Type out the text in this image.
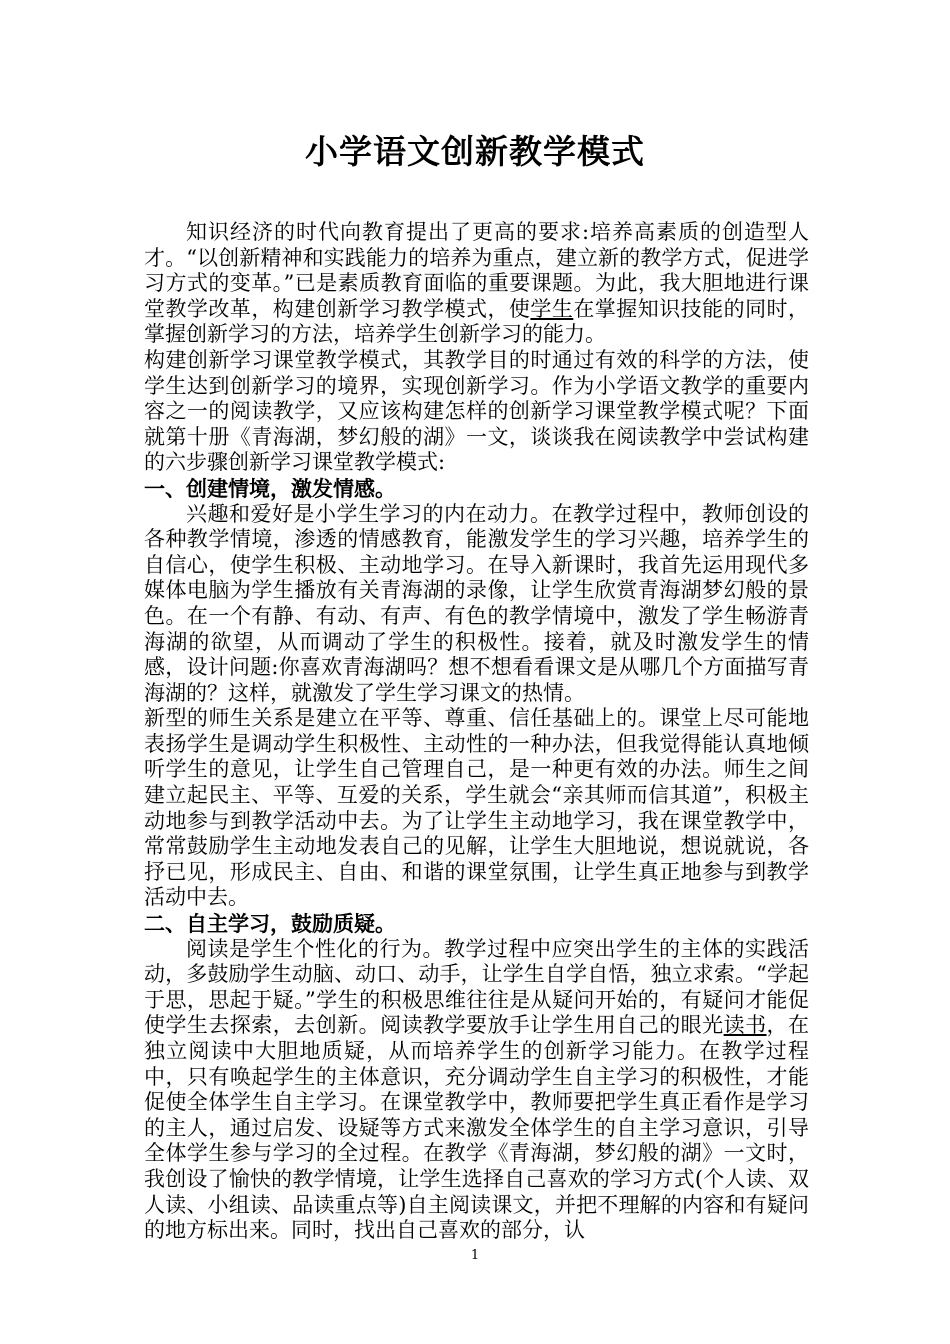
小学语文创新教学模式

知识经济的时代向教育提出了更高的要求:培养高素质的创造型人才。“以创新精神和实践能力的培养为重点，建立新的教学方式，促进学习方式的变革。”已是素质教育面临的重要课题。为此，我大胆地进行课堂教学改革，构建创新学习教学模式，使学生在掌握知识技能的同时，掌握创新学习的方法，培养学生创新学习的能力。

构建创新学习课堂教学模式，其教学目的时通过有效的科学的方法，使学生达到创新学习的境界，实现创新学习。作为小学语文教学的重要内容之一的阅读教学，又应该构建怎样的创新学习课堂教学模式呢？下面就第十册《青海湖，梦幻般的湖》一文，谈谈我在阅读教学中尝试构建的六步骤创新学习课堂教学模式:

一、创建情境，激发情感。

兴趣和爱好是小学生学习的内在动力。在教学过程中，教师创设的各种教学情境，渗透的情感教育，能激发学生的学习兴趣，培养学生的自信心，使学生积极、主动地学习。在导入新课时，我首先运用现代多媒体电脑为学生播放有关青海湖的录像，让学生欣赏青海湖梦幻般的景色。在一个有静、有动、有声、有色的教学情境中，激发了学生畅游青海湖的欲望，从而调动了学生的积极性。接着，就及时激发学生的情感，设计问题:你喜欢青海湖吗？想不想看看课文是从哪几个方面描写青海湖的？这样，就激发了学生学习课文的热情。

新型的师生关系是建立在平等、尊重、信任基础上的。课堂上尽可能地表扬学生是调动学生积极性、主动性的一种办法，但我觉得能认真地倾听学生的意见，让学生自己管理自己，是一种更有效的办法。师生之间建立起民主、平等、互爱的关系，学生就会“亲其师而信其道”，积极主动地参与到教学活动中去。为了让学生主动地学习，我在课堂教学中，常常鼓励学生主动地发表自己的见解，让学生大胆地说，想说就说，各抒已见，形成民主、自由、和谐的课堂氛围，让学生真正地参与到教学活动中去。

二、自主学习，鼓励质疑。

阅读是学生个性化的行为。教学过程中应突出学生的主体的实践活动，多鼓励学生动脑、动口、动手，让学生自学自悟，独立求索。“学起于思，思起于疑。”学生的积极思维往往是从疑问开始的，有疑问才能促使学生去探索，去创新。阅读教学要放手让学生用自己的眼光读书，在独立阅读中大胆地质疑，从而培养学生的创新学习能力。在教学过程中，只有唤起学生的主体意识，充分调动学生自主学习的积极性，才能促使全体学生自主学习。在课堂教学中，教师要把学生真正看作是学习的主人，通过启发、设疑等方式来激发全体学生的自主学习意识，引导全体学生参与学习的全过程。在教学《青海湖，梦幻般的湖》一文时，我创设了愉快的教学情境，让学生选择自己喜欢的学习方式(个人读、双人读、小组读、品读重点等)自主阅读课文，并把不理解的内容和有疑问的地方标出来。同时，找出自己喜欢的部分，认

1
